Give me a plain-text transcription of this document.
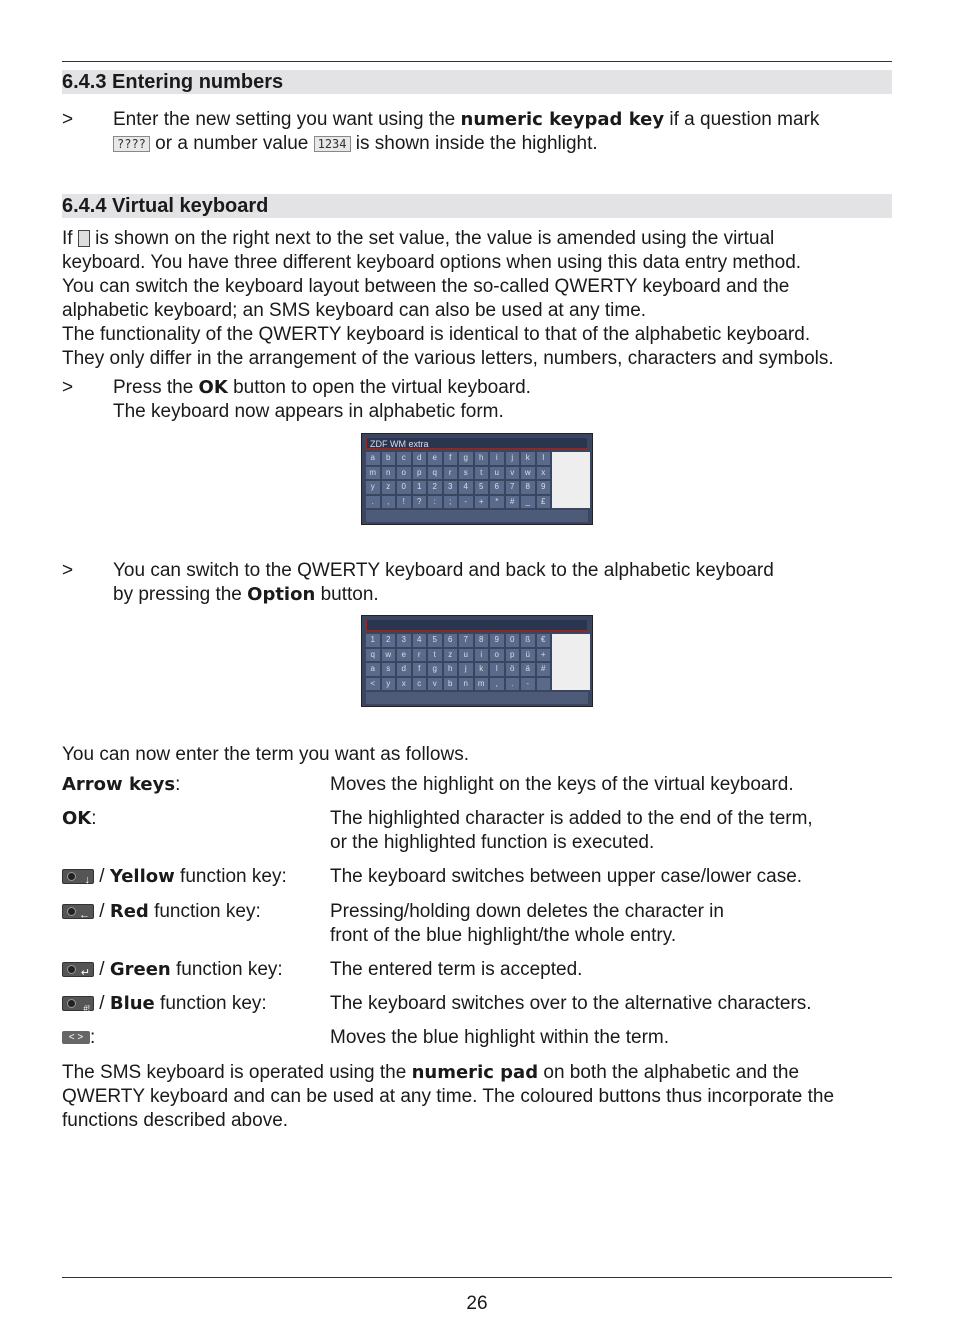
6.4.3 Entering numbers
> Enter the new setting you want using the numeric keypad key if a question mark
???? or a number value 1234 is shown inside the highlight.
6.4.4 Virtual keyboard
If  is shown on the right next to the set value, the value is amended using the virtual
keyboard. You have three different keyboard options when using this data entry method.
You can switch the keyboard layout between the so-called QWERTY keyboard and the
alphabetic keyboard; an SMS keyboard can also be used at any time.
The functionality of the QWERTY keyboard is identical to that of the alphabetic keyboard.
They only differ in the arrangement of the various letters, numbers, characters and symbols.
> Press the OK button to open the virtual keyboard.
The keyboard now appears in alphabetic form.
ZDF WM extra
a	b	c	d	e	f	g	h	i	j	k	l
m	n	o	p	q	r	s	t	u	v	w	x
y	z	0	1	2	3	4	5	6	7	8	9
.	,	!	?	:	;	-	+	*	#	_	£
> You can switch to the QWERTY keyboard and back to the alphabetic keyboard
by pressing the Option button.
1	2	3	4	5	6	7	8	9	0	ß	€
q	w	e	r	t	z	u	i	o	p	ü	+
a	s	d	f	g	h	j	k	l	ö	ä	#
<	y	x	c	v	b	n	m	,	.	-
You can now enter the term you want as follows.
Arrow keys:	Moves the highlight on the keys of the virtual keyboard.
OK:	The highlighted character is added to the end of the term,
or the highlighted function is executed.
↓ / Yellow function key: The keyboard switches between upper case/lower case.
← / Red function key:	Pressing/holding down deletes the character in
front of the blue highlight/the whole entry.
↵ / Green function key: The entered term is accepted.
#! / Blue function key:	The keyboard switches over to the alternative characters.
< > :	Moves the blue highlight within the term.
The SMS keyboard is operated using the numeric pad on both the alphabetic and the
QWERTY keyboard and can be used at any time. The coloured buttons thus incorporate the
functions described above.
26
